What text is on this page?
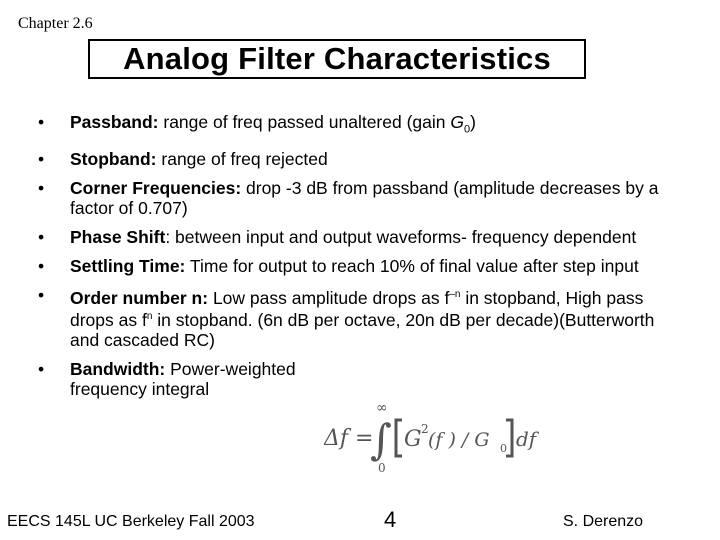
Chapter 2.6
Analog Filter Characteristics
• Passband: range of freq passed unaltered (gain $G_0$)
• Stopband: range of freq rejected
• Corner Frequencies: drop -3 dB from passband (amplitude decreases by a factor of 0.707)
• Phase Shift: between input and output waveforms- frequency dependent
• Settling Time: Time for output to reach 10% of final value after step input
• Order number n: Low pass amplitude drops as $f^{-n}$ in stopband, High pass drops as $f^n$ in stopband. (6n dB per octave, 20n dB per decade)(Butterworth and cascaded RC)
• Bandwidth: Power-weighted frequency integral
Δf =
∞
∫
0
G 2 (f ) / G 0 df
EECS 145L UC Berkeley Fall 2003	4	S. Derenzo
